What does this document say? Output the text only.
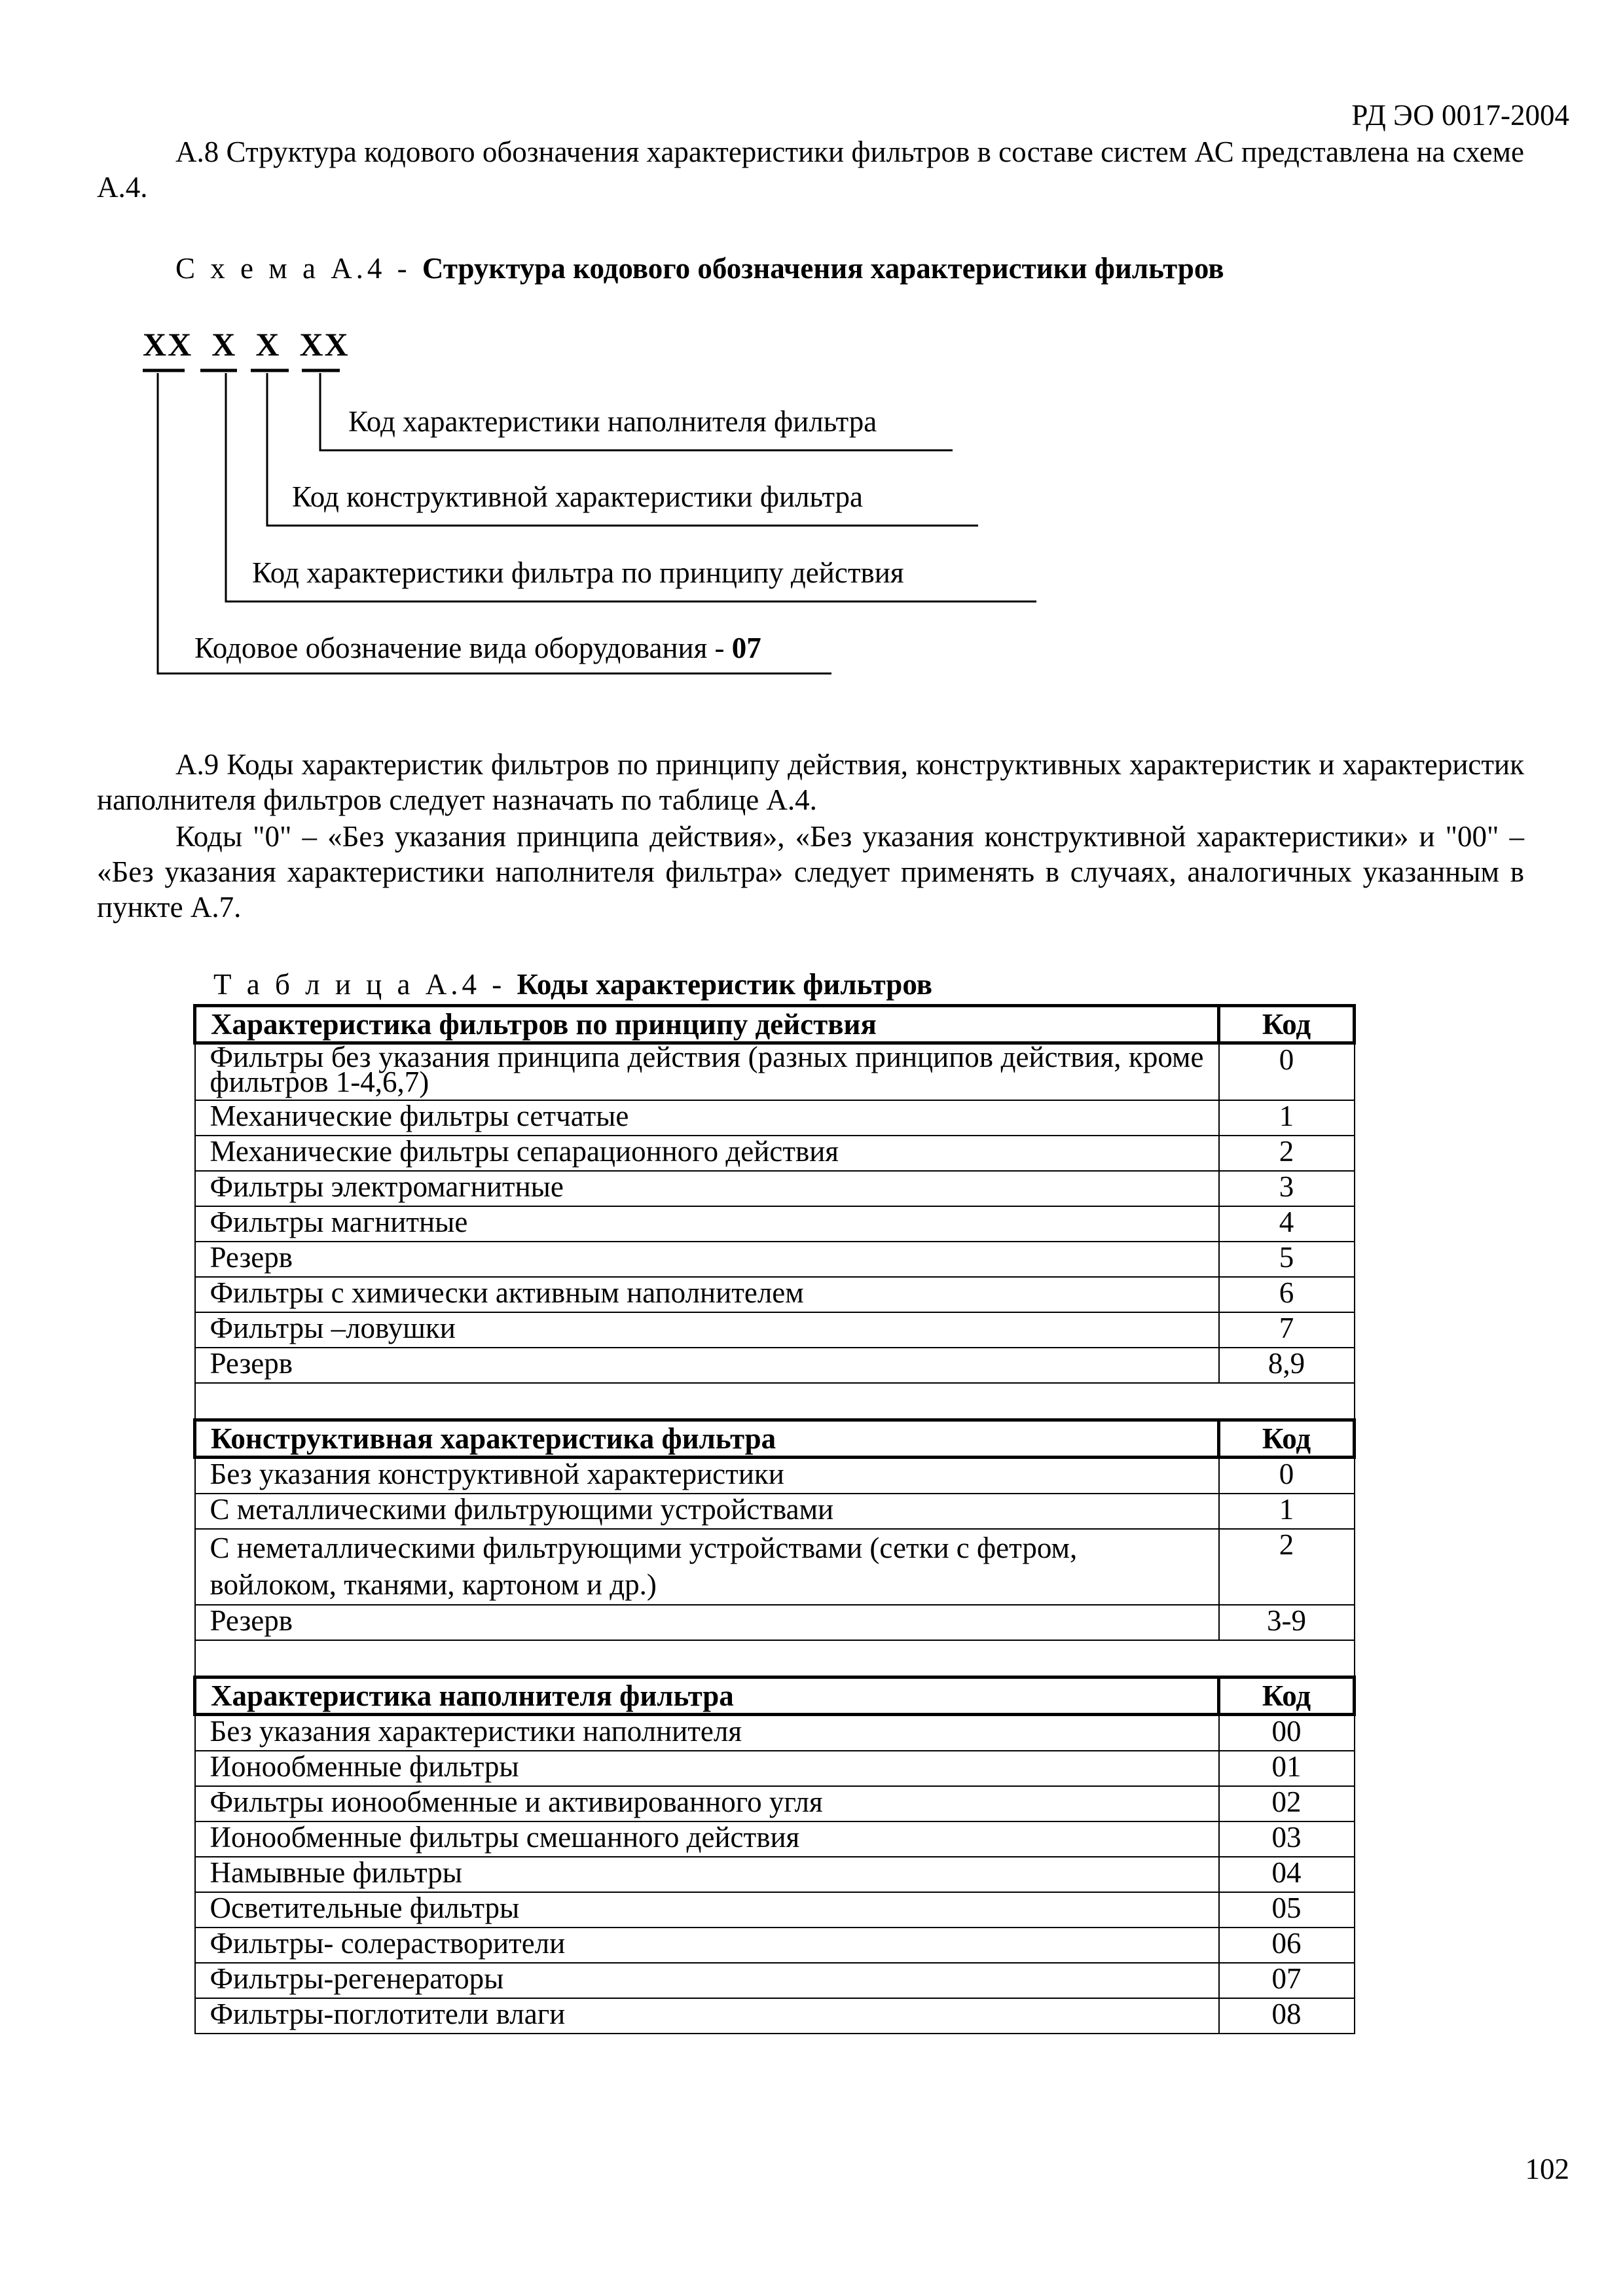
РД ЭО 0017-2004
А.8 Структура кодового обозначения характеристики фильтров в составе систем АС представлена на схеме А.4.
С х е м а А.4 - Структура кодового обозначения характеристики фильтров
XX  X  X  XX
Код характеристики наполнителя фильтра
Код конструктивной характеристики фильтра
Код характеристики фильтра по принципу действия
Кодовое обозначение вида оборудования - 07
А.9 Коды характеристик фильтров по принципу действия, конструктивных характеристик и характеристик наполнителя фильтров следует назначать по таблице А.4.
Коды "0" – «Без указания принципа действия», «Без указания конструктивной характеристики» и "00" – «Без указания характеристики наполнителя фильтра» следует применять в случаях, аналогичных указанным в пункте А.7.
Т а б л и ц а А.4 - Коды характеристик фильтров
Характеристика фильтров по принципу действия	Код
Фильтры без указания принципа действия (разных принципов действия, кроме фильтров 1-4,6,7)	0
Механические фильтры сетчатые	1
Механические фильтры сепарационного действия	2
Фильтры электромагнитные	3
Фильтры магнитные	4
Резерв	5
Фильтры с химически активным наполнителем	6
Фильтры –ловушки	7
Резерв	8,9

Конструктивная характеристика фильтра	Код
Без указания конструктивной характеристики	0
С металлическими фильтрующими устройствами	1
С неметаллическими фильтрующими устройствами (сетки с фетром, войлоком, тканями, картоном и др.)	2
Резерв	3-9

Характеристика наполнителя фильтра	Код
Без указания характеристики наполнителя	00
Ионообменные фильтры	01
Фильтры ионообменные и активированного угля	02
Ионообменные фильтры смешанного действия	03
Намывные фильтры	04
Осветительные фильтры	05
Фильтры- солерастворители	06
Фильтры-регенераторы	07
Фильтры-поглотители влаги	08
102
